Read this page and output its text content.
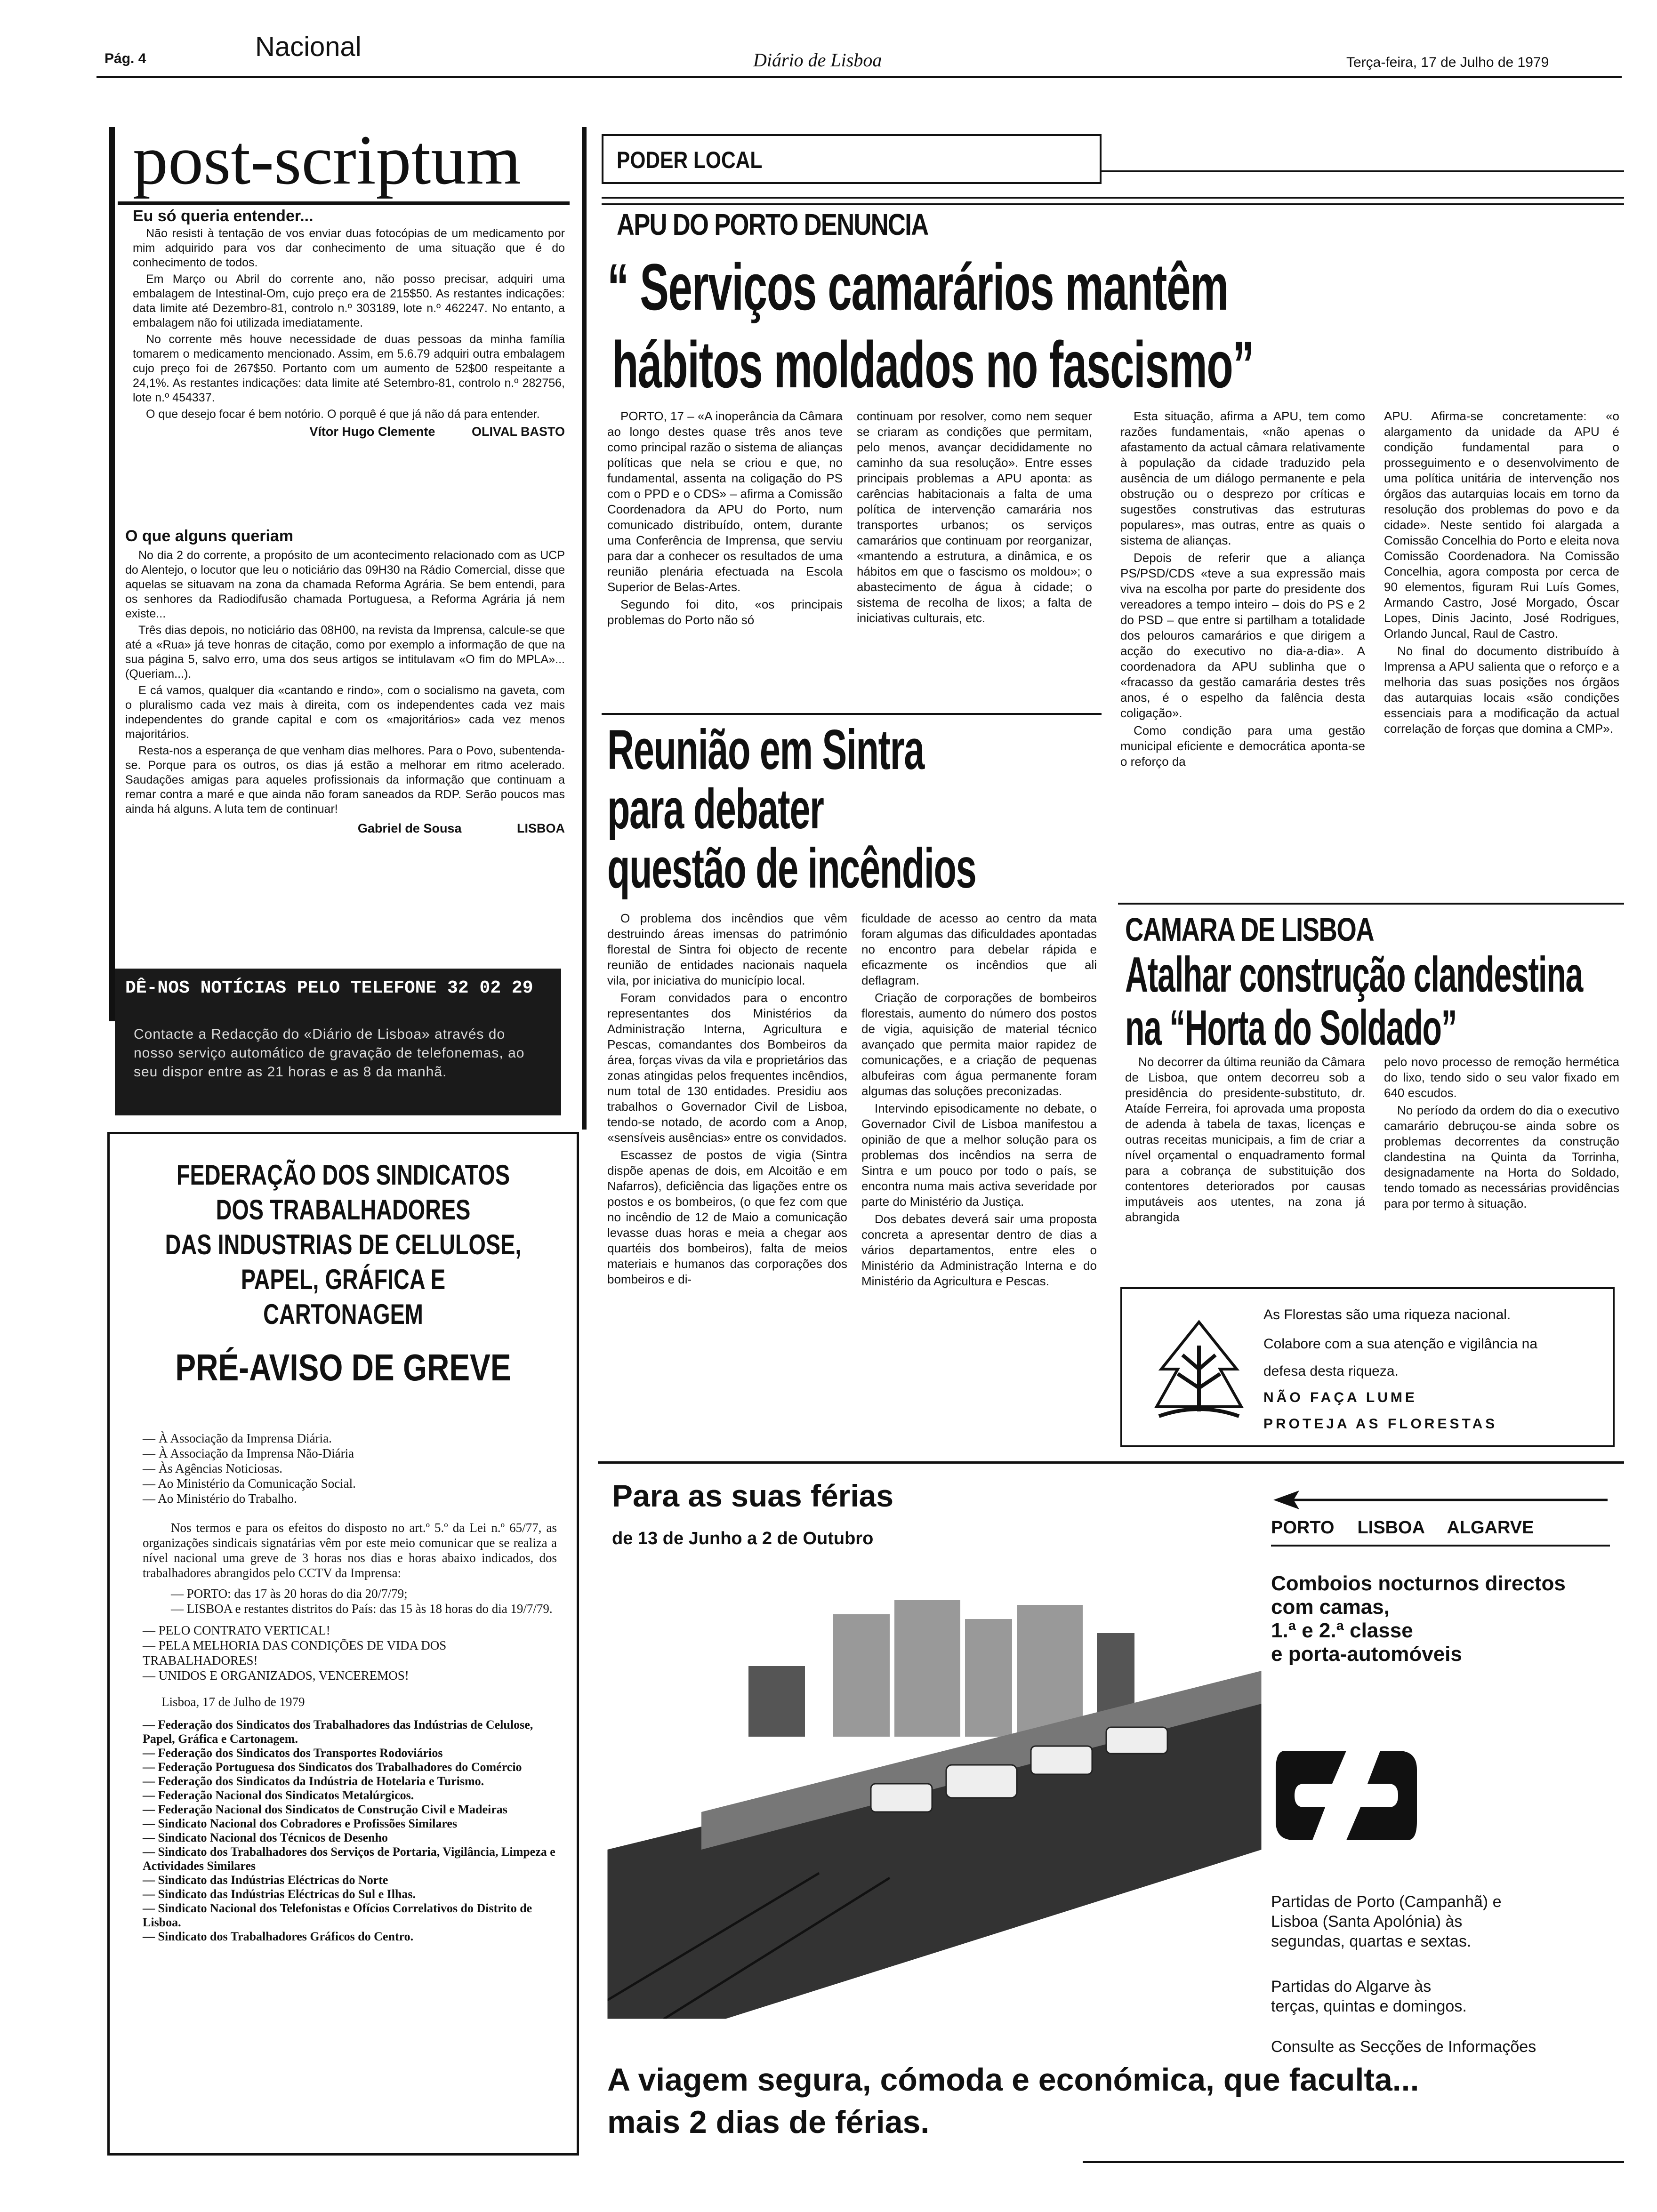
Pág. 4	Nacional	Diário de Lisboa	Terça-feira, 17 de Julho de 1979
post-scriptum
Eu só queria entender...

Não resisti à tentação de vos enviar duas fotocópias de um medicamento por mim adquirido para vos dar conhecimento de uma situação que é do conhecimento de todos.

Em Março ou Abril do corrente ano, não posso precisar, adquiri uma embalagem de Intestinal-Om, cujo preço era de 215$50. As restantes indicações: data limite até Dezembro-81, controlo n.º 303189, lote n.º 462247. No entanto, a embalagem não foi utilizada imediatamente.

No corrente mês houve necessidade de duas pessoas da minha família tomarem o medicamento mencionado. Assim, em 5.6.79 adquiri outra embalagem cujo preço foi de 267$50. Portanto com um aumento de 52$00 respeitante a 24,1%. As restantes indicações: data limite até Setembro-81, controlo n.º 282756, lote n.º 454337.

O que desejo focar é bem notório. O porquê é que já não dá para entender.

Vítor Hugo Clemente	OLIVAL BASTO
O que alguns queriam

No dia 2 do corrente, a propósito de um acontecimento relacionado com as UCP do Alentejo, o locutor que leu o noticiário das 09H30 na Rádio Comercial, disse que aquelas se situavam na zona da chamada Reforma Agrária. Se bem entendi, para os senhores da Radiodifusão chamada Portuguesa, a Reforma Agrária já nem existe...

Três dias depois, no noticiário das 08H00, na revista da Imprensa, calcule-se que até a «Rua» já teve honras de citação, como por exemplo a informação de que na sua página 5, salvo erro, uma dos seus artigos se intitulavam «O fim do MPLA»... (Queriam...).

E cá vamos, qualquer dia «cantando e rindo», com o socialismo na gaveta, com o pluralismo cada vez mais à direita, com os independentes cada vez mais independentes do grande capital e com os «majoritários» cada vez menos majoritários.

Resta-nos a esperança de que venham dias melhores. Para o Povo, subentenda-se. Porque para os outros, os dias já estão a melhorar em ritmo acelerado. Saudações amigas para aqueles profissionais da informação que continuam a remar contra a maré e que ainda não foram saneados da RDP. Serão poucos mas ainda há alguns. A luta tem de continuar!

Gabriel de Sousa	LISBOA
DÊ-NOS NOTÍCIAS PELO TELEFONE 32 02 29
Contacte a Redacção do «Diário de Lisboa» através do nosso serviço automático de gravação de telefonemas, ao seu dispor entre as 21 horas e as 8 da manhã.
FEDERAÇÃO DOS SINDICATOS
DOS TRABALHADORES
DAS INDUSTRIAS DE CELULOSE,
PAPEL, GRÁFICA E CARTONAGEM
PRÉ-AVISO DE GREVE
— À Associação da Imprensa Diária.
— À Associação da Imprensa Não-Diária
— Às Agências Noticiosas.
— Ao Ministério da Comunicação Social.
— Ao Ministério do Trabalho.

Nos termos e para os efeitos do disposto no art.º 5.º da Lei n.º 65/77, as organizações sindicais signatárias vêm por este meio comunicar que se realiza a nível nacional uma greve de 3 horas nos dias e horas abaixo indicados, dos trabalhadores abrangidos pelo CCTV da Imprensa:

— PORTO: das 17 às 20 horas do dia 20/7/79;

— LISBOA e restantes distritos do País: das 15 às 18 horas do dia 19/7/79.

— PELO CONTRATO VERTICAL!

— PELA MELHORIA DAS CONDIÇÕES DE VIDA DOS TRABALHADORES!

— UNIDOS E ORGANIZADOS, VENCEREMOS!

Lisboa, 17 de Julho de 1979

— Federação dos Sindicatos dos Trabalhadores das Indústrias de Celulose, Papel, Gráfica e Cartonagem.
— Federação dos Sindicatos dos Transportes Rodoviários
— Federação Portuguesa dos Sindicatos dos Trabalhadores do Comércio
— Federação dos Sindicatos da Indústria de Hotelaria e Turismo.
— Federação Nacional dos Sindicatos Metalúrgicos.
— Federação Nacional dos Sindicatos de Construção Civil e Madeiras
— Sindicato Nacional dos Cobradores e Profissões Similares
— Sindicato Nacional dos Técnicos de Desenho
— Sindicato dos Trabalhadores dos Serviços de Portaria, Vigilância, Limpeza e Actividades Similares
— Sindicato das Indústrias Eléctricas do Norte
— Sindicato das Indústrias Eléctricas do Sul e Ilhas.
— Sindicato Nacional dos Telefonistas e Ofícios Correlativos do Distrito de Lisboa.
— Sindicato dos Trabalhadores Gráficos do Centro.
PODER LOCAL
APU DO PORTO DENUNCIA
“ Serviços camarários mantêm
hábitos moldados no fascismo”

PORTO, 17 – «A inoperância da Câmara ao longo destes quase três anos teve como principal razão o sistema de alianças políticas que nela se criou e que, no fundamental, assenta na coligação do PS com o PPD e o CDS» – afirma a Comissão Coordenadora da APU do Porto, num comunicado distribuído, ontem, durante uma Conferência de Imprensa, que serviu para dar a conhecer os resultados de uma reunião plenária efectuada na Escola Superior de Belas-Artes.

Segundo foi dito, «os principais problemas do Porto não só

continuam por resolver, como nem sequer se criaram as condições que permitam, pelo menos, avançar decididamente no caminho da sua resolução». Entre esses principais problemas a APU aponta: as carências habitacionais a falta de uma política de intervenção camarária nos transportes urbanos; os serviços camarários que continuam por reorganizar, «mantendo a estrutura, a dinâmica, e os hábitos em que o fascismo os moldou»; o abastecimento de água à cidade; o sistema de recolha de lixos; a falta de iniciativas culturais, etc.

Esta situação, afirma a APU, tem como razões fundamentais, «não apenas o afastamento da actual câmara relativamente à população da cidade traduzido pela ausência de um diálogo permanente e pela obstrução ou o desprezo por críticas e sugestões construtivas das estruturas populares», mas outras, entre as quais o sistema de alianças.

Depois de referir que a aliança PS/PSD/CDS «teve a sua expressão mais viva na escolha por parte do presidente dos vereadores a tempo inteiro – dois do PS e 2 do PSD – que entre si partilham a totalidade dos pelouros camarários e que dirigem a acção do executivo no dia-a-dia». A coordenadora da APU sublinha que o «fracasso da gestão camarária destes três anos, é o espelho da falência desta coligação».

Como condição para uma gestão municipal eficiente e democrática aponta-se o reforço da

APU. Afirma-se concretamente: «o alargamento da unidade da APU é condição fundamental para o prosseguimento e o desenvolvimento de uma política unitária de intervenção nos órgãos das autarquias locais em torno da resolução dos problemas do povo e da cidade». Neste sentido foi alargada a Comissão Concelhia do Porto e eleita nova Comissão Coordenadora. Na Comissão Concelhia, agora composta por cerca de 90 elementos, figuram Rui Luís Gomes, Armando Castro, José Morgado, Óscar Lopes, Dinis Jacinto, José Rodrigues, Orlando Juncal, Raul de Castro.

No final do documento distribuído à Imprensa a APU salienta que o reforço e a melhoria das suas posições nos órgãos das autarquias locais «são condições essenciais para a modificação da actual correlação de forças que domina a CMP».

Reunião em Sintra
para debater
questão de incêndios

O problema dos incêndios que vêm destruindo áreas imensas do património florestal de Sintra foi objecto de recente reunião de entidades nacionais naquela vila, por iniciativa do município local.

Foram convidados para o encontro representantes dos Ministérios da Administração Interna, Agricultura e Pescas, comandantes dos Bombeiros da área, forças vivas da vila e proprietários das zonas atingidas pelos frequentes incêndios, num total de 130 entidades. Presidiu aos trabalhos o Governador Civil de Lisboa, tendo-se notado, de acordo com a Anop, «sensíveis ausências» entre os convidados.

Escassez de postos de vigia (Sintra dispõe apenas de dois, em Alcoitão e em Nafarros), deficiência das ligações entre os postos e os bombeiros, (o que fez com que no incêndio de 12 de Maio a comunicação levasse duas horas e meia a chegar aos quartéis dos bombeiros), falta de meios materiais e humanos das corporações dos bombeiros e di-

ficuldade de acesso ao centro da mata foram algumas das dificuldades apontadas no encontro para debelar rápida e eficazmente os incêndios que ali deflagram.

Criação de corporações de bombeiros florestais, aumento do número dos postos de vigia, aquisição de material técnico avançado que permita maior rapidez de comunicações, e a criação de pequenas albufeiras com água permanente foram algumas das soluções preconizadas.

Intervindo episodicamente no debate, o Governador Civil de Lisboa manifestou a opinião de que a melhor solução para os problemas dos incêndios na serra de Sintra e um pouco por todo o país, se encontra numa mais activa severidade por parte do Ministério da Justiça.

Dos debates deverá sair uma proposta concreta a apresentar dentro de dias a vários departamentos, entre eles o Ministério da Administração Interna e do Ministério da Agricultura e Pescas.

CAMARA DE LISBOA
Atalhar construção clandestina
na “Horta do Soldado”

No decorrer da última reunião da Câmara de Lisboa, que ontem decorreu sob a presidência do presidente-substituto, dr. Ataíde Ferreira, foi aprovada uma proposta de adenda à tabela de taxas, licenças e outras receitas municipais, a fim de criar a nível orçamental o enquadramento formal para a cobrança de substituição dos contentores deteriorados por causas imputáveis aos utentes, na zona já abrangida

pelo novo processo de remoção hermética do lixo, tendo sido o seu valor fixado em 640 escudos.

No período da ordem do dia o executivo camarário debruçou-se ainda sobre os problemas decorrentes da construção clandestina na Quinta da Torrinha, designadamente na Horta do Soldado, tendo tomado as necessárias providências para por termo à situação.

As Florestas são uma riqueza nacional.
Colabore com a sua atenção e vigilância na
defesa desta riqueza.
NÃO FAÇA LUME
PROTEJA AS FLORESTAS
Para as suas férias
de 13 de Junho a 2 de Outubro
PORTO  LISBOA  ALGARVE
Comboios nocturnos directos
com camas,
1.ª e 2.ª classe
e porta-automóveis
Partidas de Porto (Campanhã) e
Lisboa (Santa Apolónia) às
segundas, quartas e sextas.
Partidas do Algarve às
terças, quintas e domingos.
Consulte as Secções de Informações
A viagem segura, cómoda e económica, que faculta...
mais 2 dias de férias.
